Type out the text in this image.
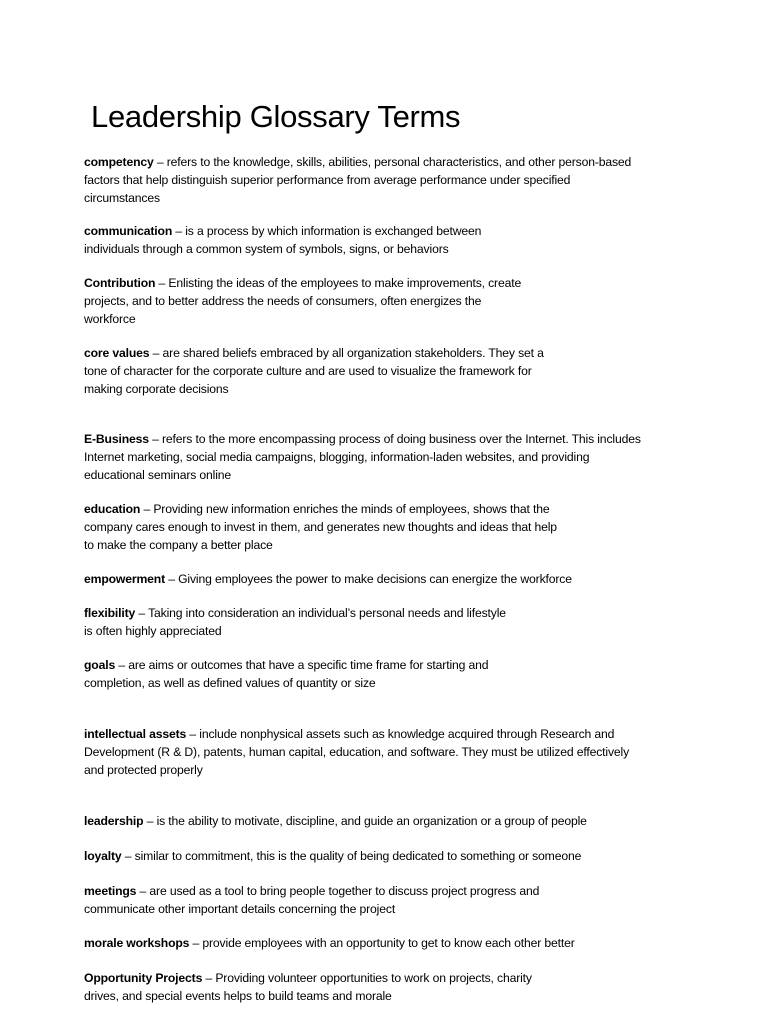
Leadership Glossary Terms
competency – refers to the knowledge, skills, abilities, personal characteristics, and other person-based
factors that help distinguish superior performance from average performance under specified
circumstances
communication – is a process by which information is exchanged between
individuals through a common system of symbols, signs, or behaviors
Contribution – Enlisting the ideas of the employees to make improvements, create
projects, and to better address the needs of consumers, often energizes the
workforce
core values – are shared beliefs embraced by all organization stakeholders. They set a
tone of character for the corporate culture and are used to visualize the framework for
making corporate decisions
E-Business – refers to the more encompassing process of doing business over the Internet. This includes
Internet marketing, social media campaigns, blogging, information-laden websites, and providing
educational seminars online
education – Providing new information enriches the minds of employees, shows that the
company cares enough to invest in them, and generates new thoughts and ideas that help
to make the company a better place
empowerment – Giving employees the power to make decisions can energize the workforce
flexibility – Taking into consideration an individual’s personal needs and lifestyle
is often highly appreciated
goals – are aims or outcomes that have a specific time frame for starting and
completion, as well as defined values of quantity or size
intellectual assets – include nonphysical assets such as knowledge acquired through Research and
Development (R & D), patents, human capital, education, and software. They must be utilized effectively
and protected properly
leadership – is the ability to motivate, discipline, and guide an organization or a group of people
loyalty – similar to commitment, this is the quality of being dedicated to something or someone
meetings – are used as a tool to bring people together to discuss project progress and
communicate other important details concerning the project
morale workshops – provide employees with an opportunity to get to know each other better
Opportunity Projects – Providing volunteer opportunities to work on projects, charity
drives, and special events helps to build teams and morale
